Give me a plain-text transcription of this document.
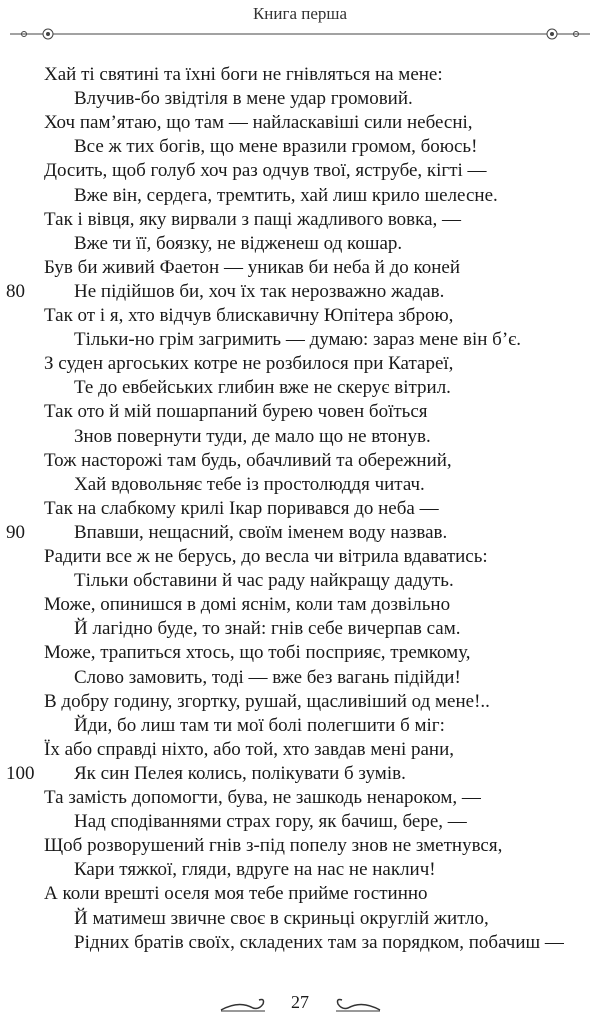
Книга перша
Хай ті святині та їхні боги не гнівляться на мене:
Влучив-бо звідтіля в мене удар громовий.
Хоч пам’ятаю, що там — найласкавіші сили небесні,
Все ж тих богів, що мене вразили громом, боюсь!
Досить, щоб голуб хоч раз одчув твої, яструбе, кігті —
Вже він, сердега, тремтить, хай лиш крило шелесне.
Так і вівця, яку вирвали з пащі жадливого вовка, —
Вже ти її, боязку, не відженеш од кошар.
Був би живий Фаетон — уникав би неба й до коней
80	Не підійшов би, хоч їх так нерозважно жадав.
Так от і я, хто відчув блискавичну Юпітера зброю,
Тільки-но грім загримить — думаю: зараз мене він б’є.
З суден аргоських котре не розбилося при Катареї,
Те до евбейських глибин вже не скерує вітрил.
Так ото й мій пошарпаний бурею човен боїться
Знов повернути туди, де мало що не втонув.
Тож насторожі там будь, обачливий та обережний,
Хай вдовольняє тебе із простолюддя читач.
Так на слабкому крилі Ікар поривався до неба —
90	Впавши, нещасний, своїм іменем воду назвав.
Радити все ж не берусь, до весла чи вітрила вдаватись:
Тільки обставини й час раду найкращу дадуть.
Може, опинишся в домі яснім, коли там дозвільно
Й лагідно буде, то знай: гнів себе вичерпав сам.
Може, трапиться хтось, що тобі посприяє, тремкому,
Слово замовить, тоді — вже без вагань підійди!
В добру годину, згортку, рушай, щасливіший од мене!..
Йди, бо лиш там ти мої болі полегшити б міг:
Їх або справді ніхто, або той, хто завдав мені рани,
100 Як син Пелея колись, полікувати б зумів.
Та замість допомогти, бува, не зашкодь ненароком, —
Над сподіваннями страх гору, як бачиш, бере, —
Щоб розворушений гнів з-під попелу знов не зметнувся,
Кари тяжкої, гляди, вдруге на нас не наклич!
А коли врешті оселя моя тебе прийме гостинно
Й матимеш звичне своє в скриньці округлій житло,
Рідних братів своїх, складених там за порядком, побачиш —
27
